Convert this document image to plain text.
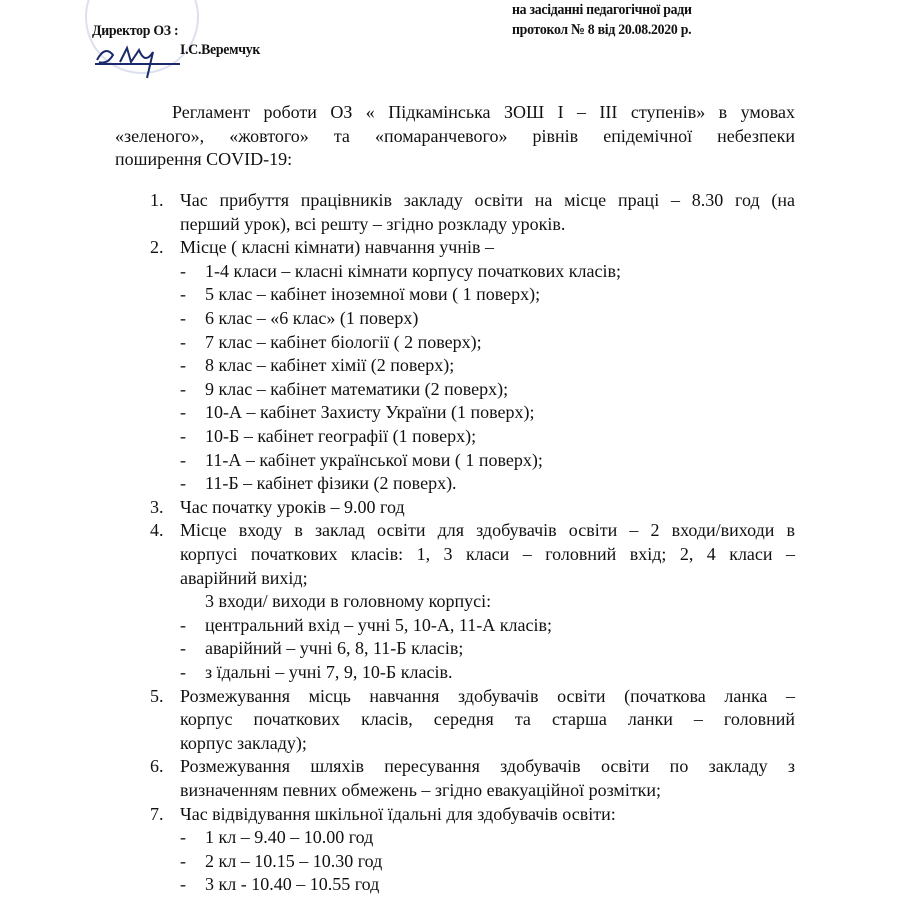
на засіданні педагогічної ради
протокол № 8 від 20.08.2020 р.
Директор ОЗ :
І.С.Веремчук
Регламент роботи ОЗ « Підкамінська ЗОШ І – ІІІ ступенів» в умовах
«зеленого», «жовтого» та «помаранчевого» рівнів епідемічної небезпеки
поширення COVID-19:
1. Час прибуття працівників закладу освіти на місце праці – 8.30 год (на
перший урок), всі решту – згідно розкладу уроків.
2. Місце ( класні кімнати) навчання учнів –
- 1-4 класи – класні кімнати корпусу початкових класів;
- 5 клас – кабінет іноземної мови ( 1 поверх);
- 6 клас – «6 клас» (1 поверх)
- 7 клас – кабінет біології ( 2 поверх);
- 8 клас – кабінет хімії (2 поверх);
- 9 клас – кабінет математики (2 поверх);
- 10-А – кабінет Захисту України (1 поверх);
- 10-Б – кабінет географії (1 поверх);
- 11-А – кабінет української мови ( 1 поверх);
- 11-Б – кабінет фізики (2 поверх).
3. Час початку уроків – 9.00 год
4. Місце входу в заклад освіти для здобувачів освіти – 2 входи/виходи в
корпусі початкових класів: 1, 3 класи – головний вхід; 2, 4 класи –
аварійний вихід;
3 входи/ виходи в головному корпусі:
- центральний вхід – учні 5, 10-А, 11-А класів;
- аварійний – учні 6, 8, 11-Б класів;
- з їдальні – учні 7, 9, 10-Б класів.
5. Розмежування місць навчання здобувачів освіти (початкова ланка –
корпус початкових класів, середня та старша ланки – головний
корпус закладу);
6. Розмежування шляхів пересування здобувачів освіти по закладу з
визначенням певних обмежень – згідно евакуаційної розмітки;
7. Час відвідування шкільної їдальні для здобувачів освіти:
- 1 кл – 9.40 – 10.00 год
- 2 кл – 10.15 – 10.30 год
- 3 кл - 10.40 – 10.55 год
